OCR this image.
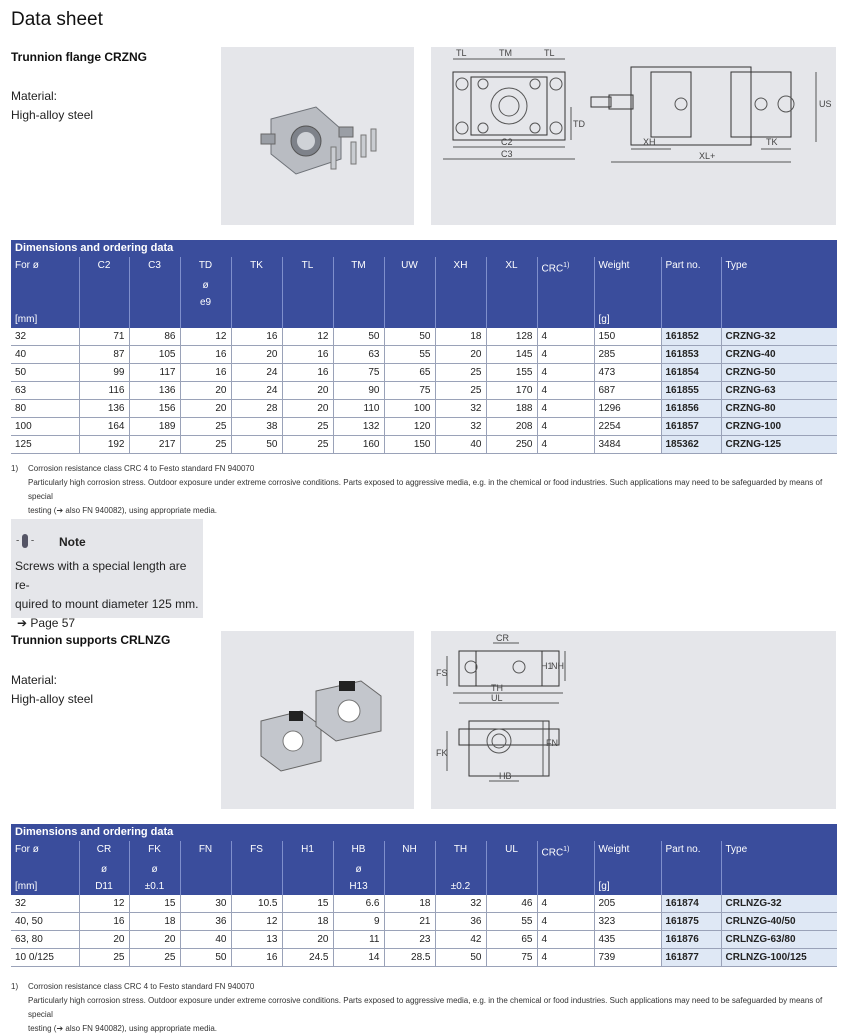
Data sheet
Trunnion flange CRZNG
Material:
High-alloy steel
TL	TM	TL
C2
C3
TD
US
XH	TK
XL+
Dimensions and ordering data													
For ø	C2	C3	TD	TK	TL	TM	UW	XH	XL	CRC$^{1)}$	Weight	Part no.	Type
			ø										
			e9										
[mm]											[g]		
32	71	86	12	16	12	50	50	18	128	4	150	161852	CRZNG-32
40	87	105	16	20	16	63	55	20	145	4	285	161853	CRZNG-40
50	99	117	16	24	16	75	65	25	155	4	473	161854	CRZNG-50
63	116	136	20	24	20	90	75	25	170	4	687	161855	CRZNG-63
80	136	156	20	28	20	110	100	32	188	4	1296	161856	CRZNG-80
100	164	189	25	38	25	132	120	32	208	4	2254	161857	CRZNG-100
125	192	217	25	50	25	160	150	40	250	4	3484	185362	CRZNG-125
1) Corrosion resistance class CRC 4 to Festo standard FN 940070
Particularly high corrosion stress. Outdoor exposure under extreme corrosive conditions. Parts exposed to aggressive media, e.g. in the chemical or food industries. Such applications may need to be safeguarded by means of special
testing (➔ also FN 940082), using appropriate media.
-  - Note
Screws with a special length are re-
quired to mount diameter 125 mm.
➔ Page 57
Trunnion supports CRLNZG
Material:
High-alloy steel
CR
FS
H1
NH
TH
UL
FK
FN
HB
Dimensions and ordering data													
For ø	CR	FK	FN	FS	H1	HB	NH	TH	UL	CRC$^{1)}$	Weight	Part no.	Type
	ø	ø				ø							
[mm]	D11	±0.1				H13		±0.2			[g]		
32	12	15	30	10.5	15	6.6	18	32	46	4	205	161874	CRLNZG-32
40, 50	16	18	36	12	18	9	21	36	55	4	323	161875	CRLNZG-40/50
63, 80	20	20	40	13	20	11	23	42	65	4	435	161876	CRLNZG-63/80
10 0/125	25	25	50	16	24.5	14	28.5	50	75	4	739	161877	CRLNZG-100/125
1) Corrosion resistance class CRC 4 to Festo standard FN 940070
Particularly high corrosion stress. Outdoor exposure under extreme corrosive conditions. Parts exposed to aggressive media, e.g. in the chemical or food industries. Such applications may need to be safeguarded by means of special
testing (➔ also FN 940082), using appropriate media.
